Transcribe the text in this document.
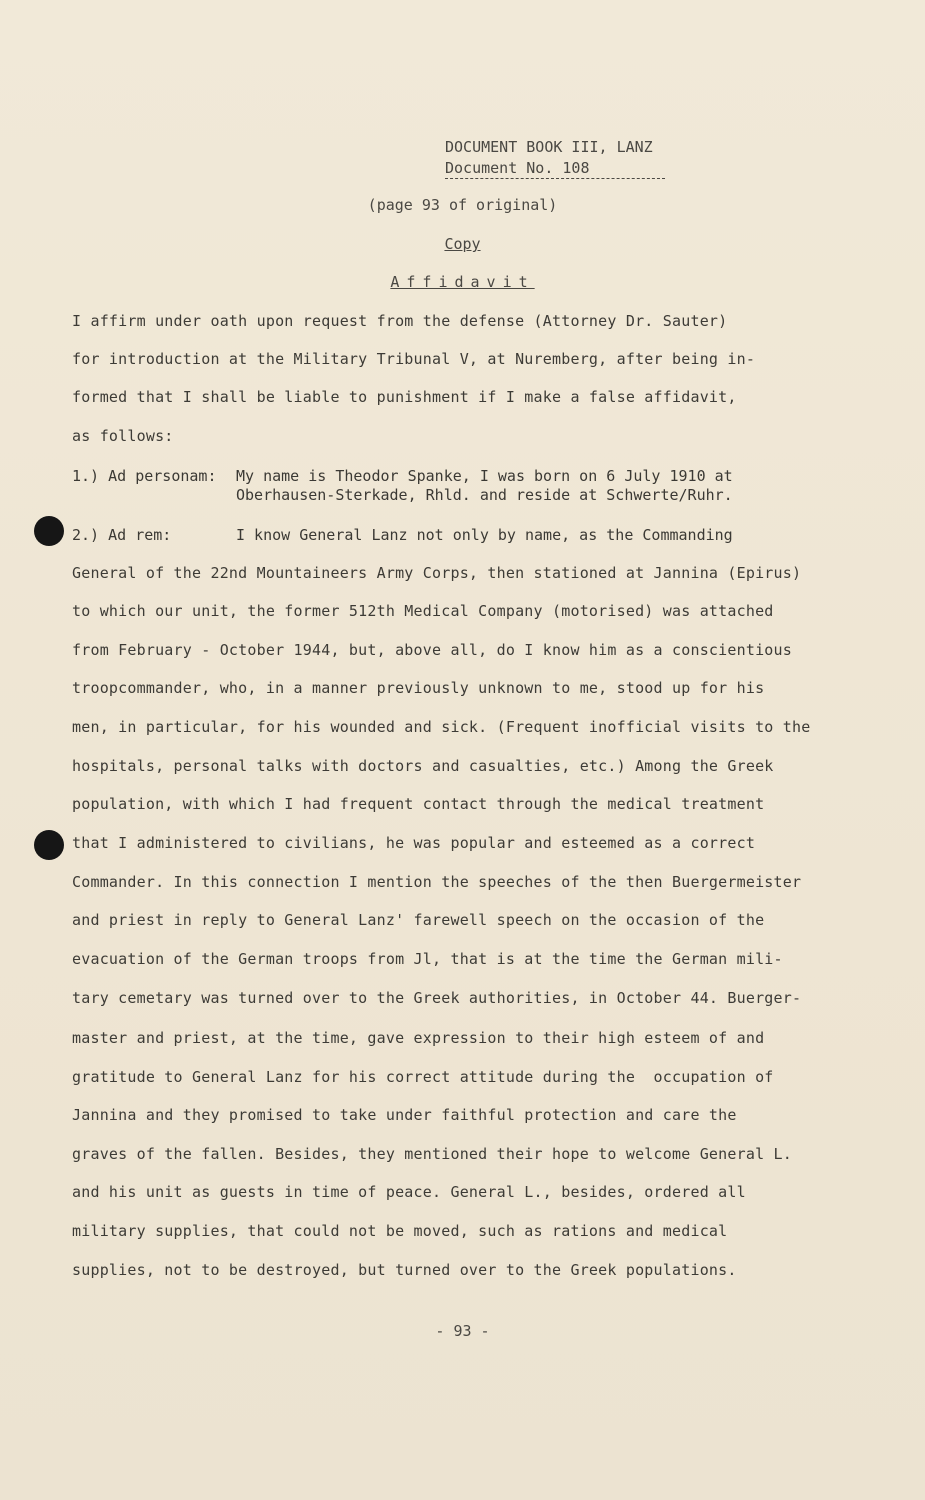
DOCUMENT BOOK III, LANZ
Document No. 108
(page 93 of original)
Copy
Affidavit
I affirm under oath upon request from the defense (Attorney Dr. Sauter)
for introduction at the Military Tribunal V, at Nuremberg, after being in-
formed that I shall be liable to punishment if I make a false affidavit,
as follows:
1.) Ad personam: My name is Theodor Spanke, I was born on 6 July 1910 at
Oberhausen-Sterkade, Rhld. and reside at Schwerte/Ruhr.
2.) Ad rem:	I know General Lanz not only by name, as the Commanding
General of the 22nd Mountaineers Army Corps, then stationed at Jannina (Epirus)
to which our unit, the former 512th Medical Company (motorised) was attached
from February - October 1944, but, above all, do I know him as a conscientious
troopcommander, who, in a manner previously unknown to me, stood up for his
men, in particular, for his wounded and sick. (Frequent inofficial visits to the
hospitals, personal talks with doctors and casualties, etc.) Among the Greek
population, with which I had frequent contact through the medical treatment
that I administered to civilians, he was popular and esteemed as a correct
Commander. In this connection I mention the speeches of the then Buergermeister
and priest in reply to General Lanz' farewell speech on the occasion of the
evacuation of the German troops from Jl, that is at the time the German mili-
tary cemetary was turned over to the Greek authorities, in October 44. Buerger-
master and priest, at the time, gave expression to their high esteem of and
gratitude to General Lanz for his correct attitude during the  occupation of
Jannina and they promised to take under faithful protection and care the
graves of the fallen. Besides, they mentioned their hope to welcome General L.
and his unit as guests in time of peace. General L., besides, ordered all
military supplies, that could not be moved, such as rations and medical
supplies, not to be destroyed, but turned over to the Greek populations.
- 93 -
